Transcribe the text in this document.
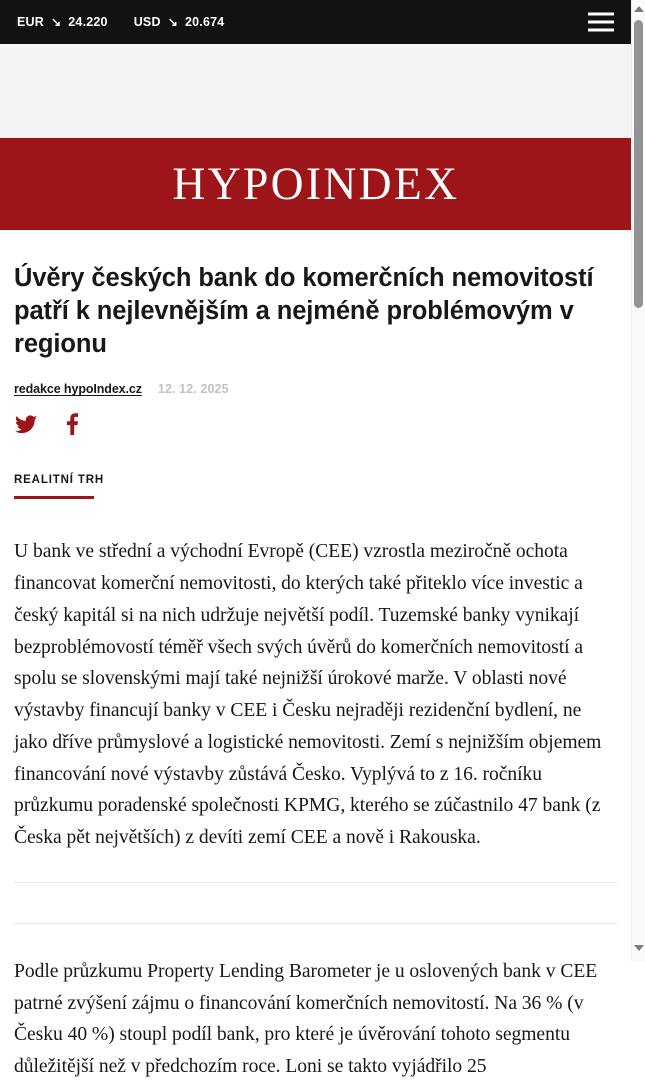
EUR ↘ 24.220 USD ↘ 20.674
HYPOINDEX
Úvěry českých bank do komerčních nemovitostí patří k nejlevnějším a nejméně problémovým v regionu
redakce hypoIndex.cz 12. 12. 2025
REALITNÍ TRH

U bank ve střední a východní Evropě (CEE) vzrostla meziročně ochota financovat komerční nemovitosti, do kterých také přiteklo více investic a český kapitál si na nich udržuje největší podíl. Tuzemské banky vynikají bezproblémovostí téměř všech svých úvěrů do komerčních nemovitostí a spolu se slovenskými mají také nejnižší úrokové marže. V oblasti nové výstavby financují banky v CEE i Česku nejraději rezidenční bydlení, ne jako dříve průmyslové a logistické nemovitosti. Zemí s nejnižším objemem financování nové výstavby zůstává Česko. Vyplývá to z 16. ročníku průzkumu poradenské společnosti KPMG, kterého se zúčastnilo 47 bank (z Česka pět největších) z devíti zemí CEE a nově i Rakouska.

Podle průzkumu Property Lending Barometer je u oslovených bank v CEE patrné zvýšení zájmu o financování komerčních nemovitostí. Na 36 % (v Česku 40 %) stoupl podíl bank, pro které je úvěrování tohoto segmentu důležitější než v předchozím roce. Loni se takto vyjádřilo 25
